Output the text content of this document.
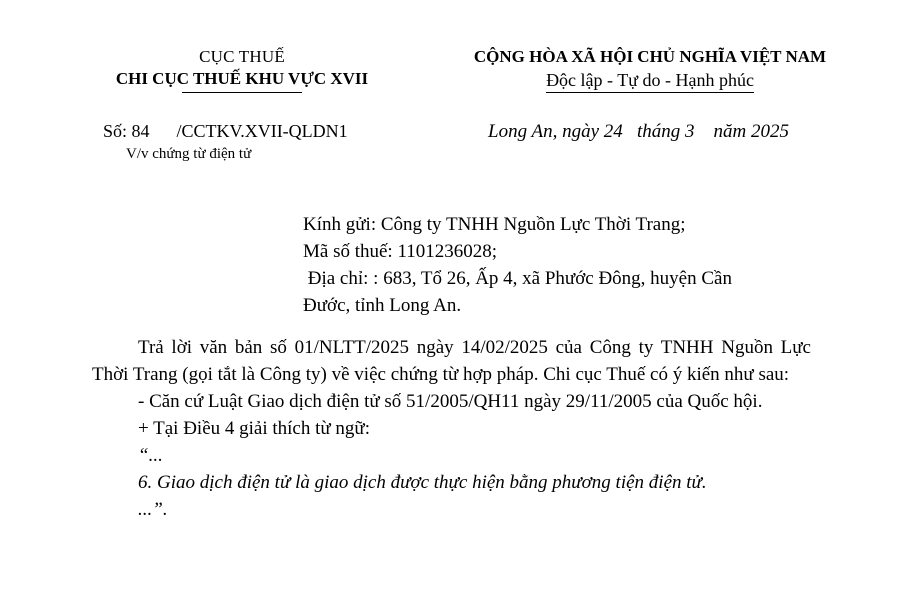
CỤC THUẾ
CHI CỤC THUẾ KHU VỰC XVII
CỘNG HÒA XÃ HỘI CHỦ NGHĨA VIỆT NAM
Độc lập - Tự do - Hạnh phúc
Số: 84      /CCTKV.XVII-QLDN1
V/v chứng từ điện tử
Long An, ngày 24   tháng 3    năm 2025
Kính gửi: Công ty TNHH Nguồn Lực Thời Trang;
Mã số thuế: 1101236028;
Địa chỉ: : 683, Tổ 26, Ấp 4, xã Phước Đông, huyện Cần
Đước, tỉnh Long An.

Trả lời văn bản số 01/NLTT/2025 ngày 14/02/2025 của Công ty TNHH Nguồn Lực Thời Trang (gọi tắt là Công ty) về việc chứng từ hợp pháp. Chi cục Thuế có ý kiến như sau:

- Căn cứ Luật Giao dịch điện tử số 51/2005/QH11 ngày 29/11/2005 của Quốc hội.

+ Tại Điều 4 giải thích từ ngữ:

“...

6. Giao dịch điện tử là giao dịch được thực hiện bằng phương tiện điện tử.

...”.
